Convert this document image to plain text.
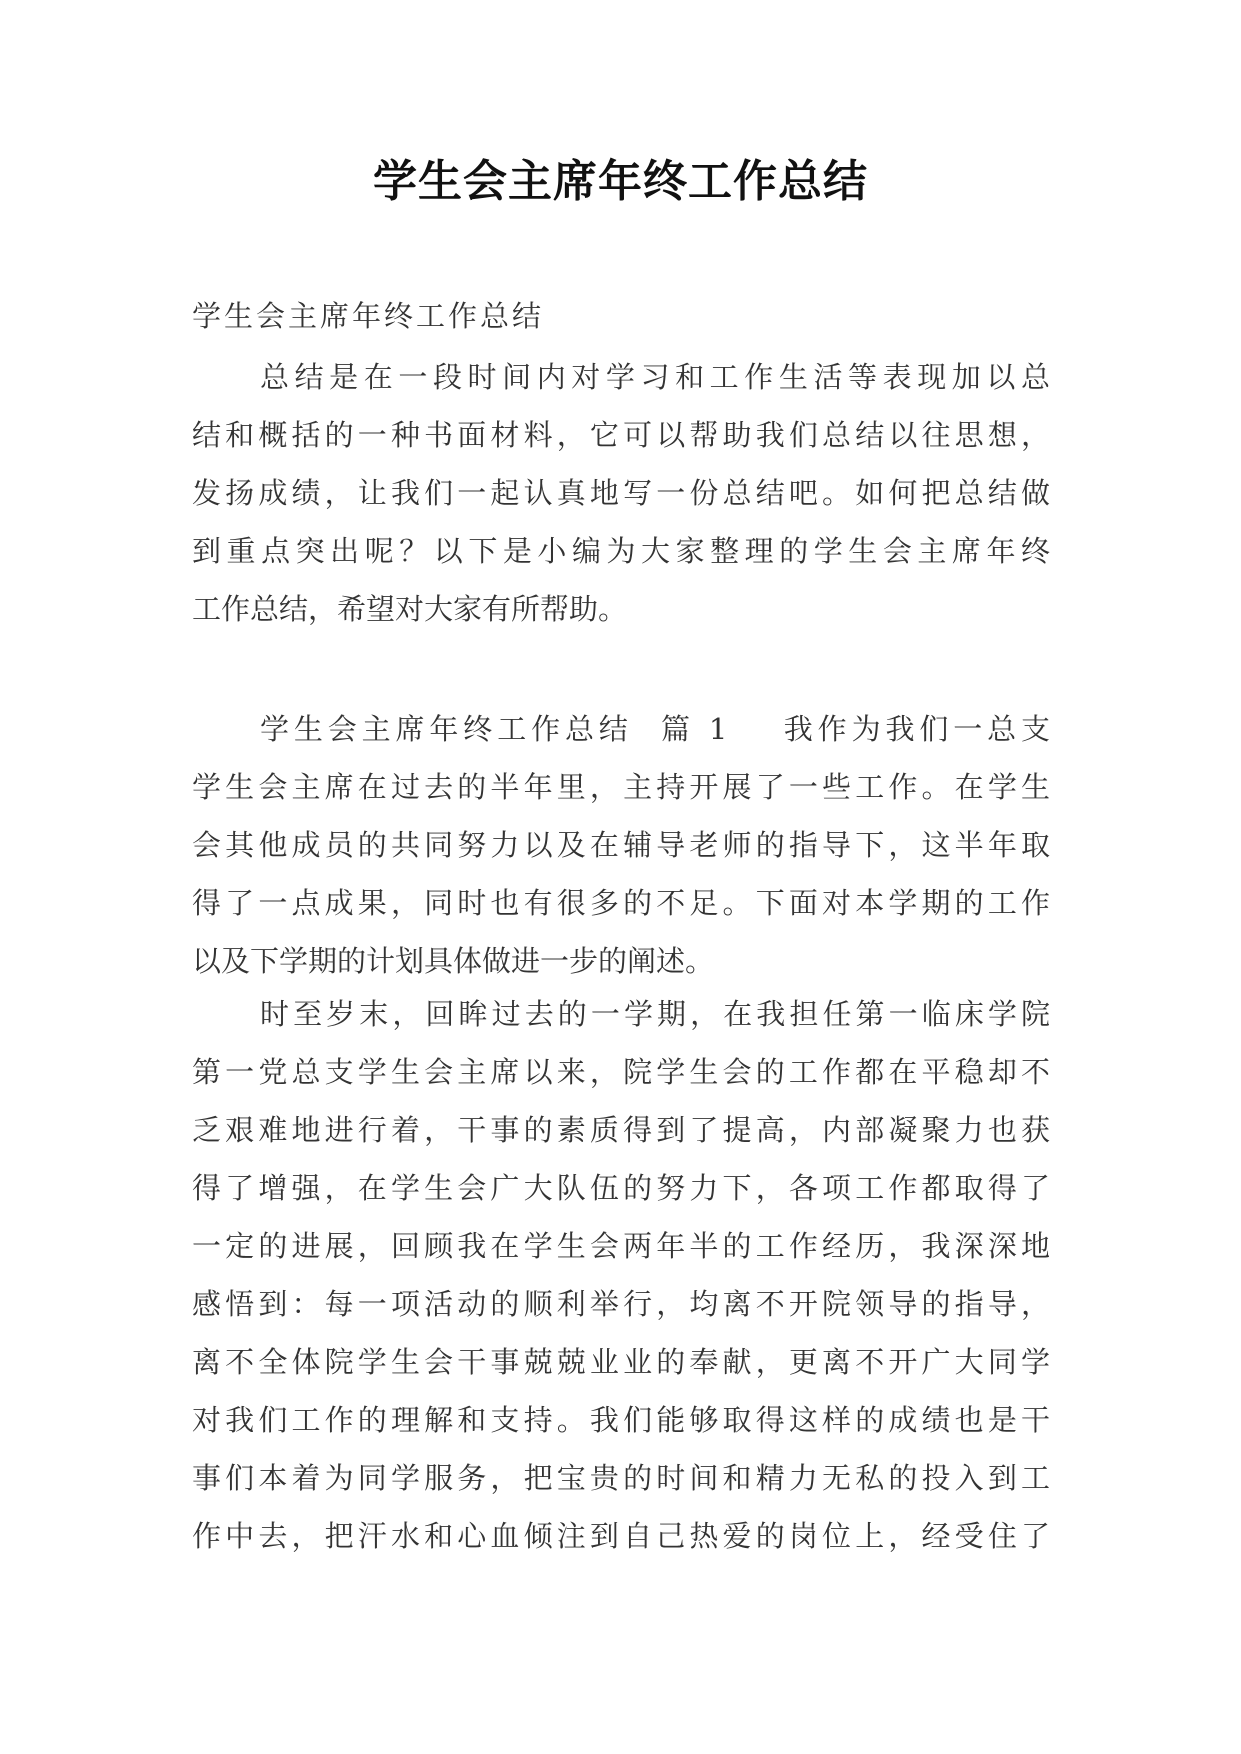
学生会主席年终工作总结
学生会主席年终工作总结
总结是在一段时间内对学习和工作生活等表现加以总
结和概括的一种书面材料，它可以帮助我们总结以往思想，
发扬成绩，让我们一起认真地写一份总结吧。如何把总结做
到重点突出呢？以下是小编为大家整理的学生会主席年终
工作总结，希望对大家有所帮助。
学生会主席年终工作总结  篇 1    我作为我们一总支
学生会主席在过去的半年里，主持开展了一些工作。在学生
会其他成员的共同努力以及在辅导老师的指导下，这半年取
得了一点成果，同时也有很多的不足。下面对本学期的工作
以及下学期的计划具体做进一步的阐述。
时至岁末，回眸过去的一学期，在我担任第一临床学院
第一党总支学生会主席以来，院学生会的工作都在平稳却不
乏艰难地进行着，干事的素质得到了提高，内部凝聚力也获
得了增强，在学生会广大队伍的努力下，各项工作都取得了
一定的进展，回顾我在学生会两年半的工作经历，我深深地
感悟到：每一项活动的顺利举行，均离不开院领导的指导，
离不全体院学生会干事兢兢业业的奉献，更离不开广大同学
对我们工作的理解和支持。我们能够取得这样的成绩也是干
事们本着为同学服务，把宝贵的时间和精力无私的投入到工
作中去，把汗水和心血倾注到自己热爱的岗位上，经受住了
